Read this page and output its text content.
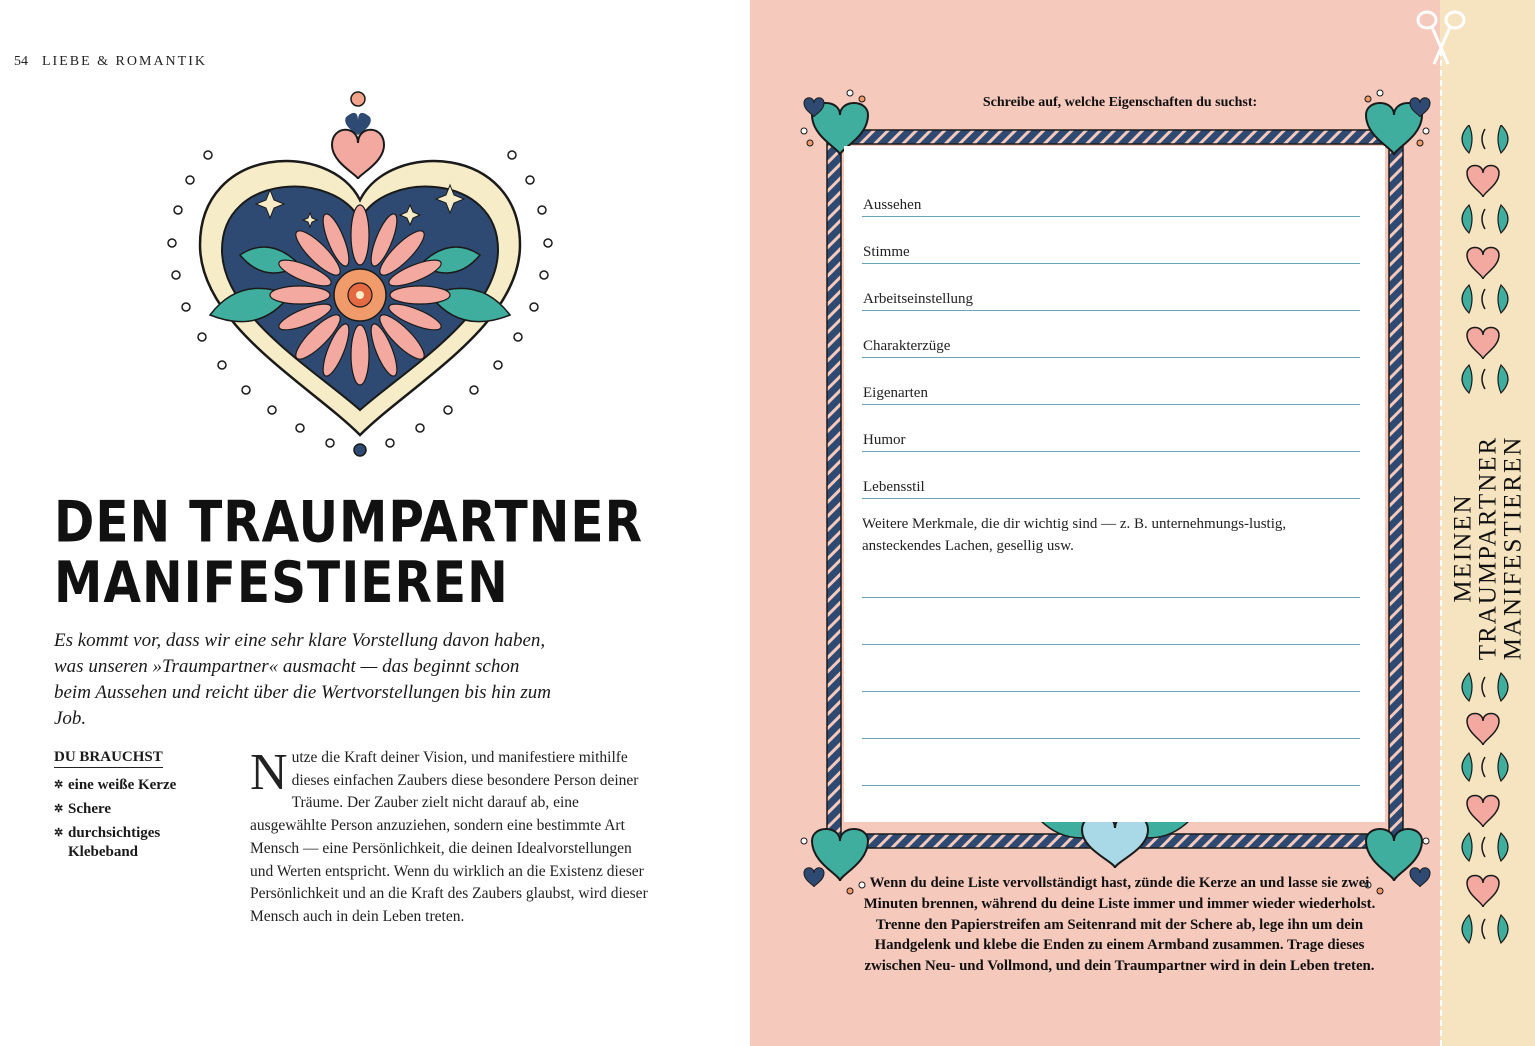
54 LIEBE & ROMANTIK
DEN TRAUMPARTNER
MANIFESTIEREN
Es kommt vor, dass wir eine sehr klare Vorstellung davon haben, was unseren »Traumpartner« ausmacht — das beginnt schon beim Aussehen und reicht über die Wertvorstellungen bis hin zum Job.
DU BRAUCHST
✲ eine weiße Kerze
✲ Schere
✲ durchsichtiges Klebeband
Nutze die Kraft deiner Vision, und manifestiere mithilfe dieses einfachen Zaubers diese besondere Person deiner Träume. Der Zauber zielt nicht darauf ab, eine ausgewählte Person anzuziehen, sondern eine bestimmte Art Mensch — eine Persönlichkeit, die deinen Idealvorstellungen und Werten entspricht. Wenn du wirklich an die Existenz dieser Persönlichkeit und an die Kraft des Zaubers glaubst, wird dieser Mensch auch in dein Leben treten.
MEINEN
TRAUMPARTNER
MANIFESTIEREN
Schreibe auf, welche Eigenschaften du suchst:
Aussehen
Stimme
Arbeitseinstellung
Charakterzüge
Eigenarten
Humor
Lebensstil
Weitere Merkmale, die dir wichtig sind — z. B. unternehmungs-lustig, ansteckendes Lachen, gesellig usw.
Wenn du deine Liste vervollständigt hast, zünde die Kerze an und lasse sie zwei Minuten brennen, während du deine Liste immer und immer wieder wiederholst. Trenne den Papierstreifen am Seitenrand mit der Schere ab, lege ihn um dein Handgelenk und klebe die Enden zu einem Armband zusammen. Trage dieses zwischen Neu- und Vollmond, und dein Traumpartner wird in dein Leben treten.
